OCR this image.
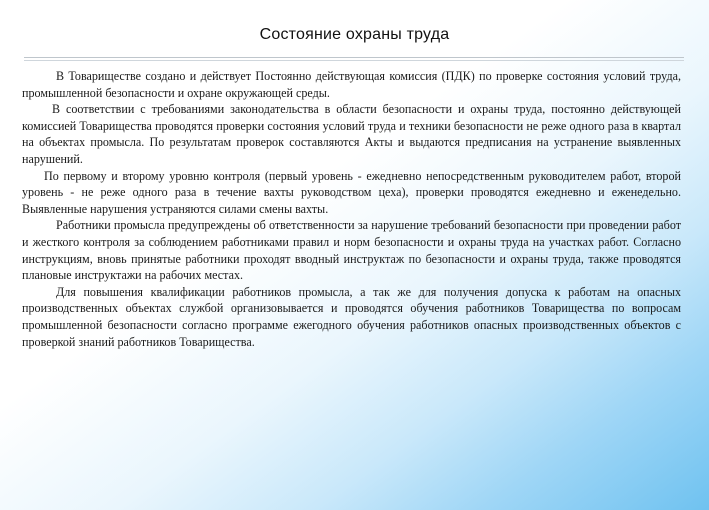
Состояние охраны труда

В Товариществе создано и действует Постоянно действующая комиссия (ПДК) по проверке состояния условий труда, промышленной безопасности и охране окружающей среды.

В соответствии с требованиями законодательства в области безопасности и охраны труда, постоянно действующей комиссией Товарищества проводятся проверки состояния условий труда и техники безопасности не реже одного раза в квартал на объектах промысла. По результатам проверок составляются Акты и выдаются предписания на устранение выявленных нарушений.

По первому и второму уровню контроля (первый уровень - ежедневно непосредственным руководителем работ, второй уровень - не реже одного раза в течение вахты руководством цеха), проверки проводятся ежедневно и еженедельно. Выявленные нарушения устраняются силами смены вахты.

Работники промысла предупреждены об ответственности за нарушение требований безопасности при проведении работ и жесткого контроля за соблюдением работниками правил и норм безопасности и охраны труда на участках работ. Согласно инструкциям, вновь принятые работники проходят вводный инструктаж по безопасности и охраны труда, также проводятся плановые инструктажи на рабочих местах.

Для повышения квалификации работников промысла, а так же для получения допуска к работам на опасных производственных объектах службой организовывается и проводятся обучения работников Товарищества по вопросам промышленной безопасности согласно программе ежегодного обучения работников опасных производственных объектов с проверкой знаний работников Товарищества.
